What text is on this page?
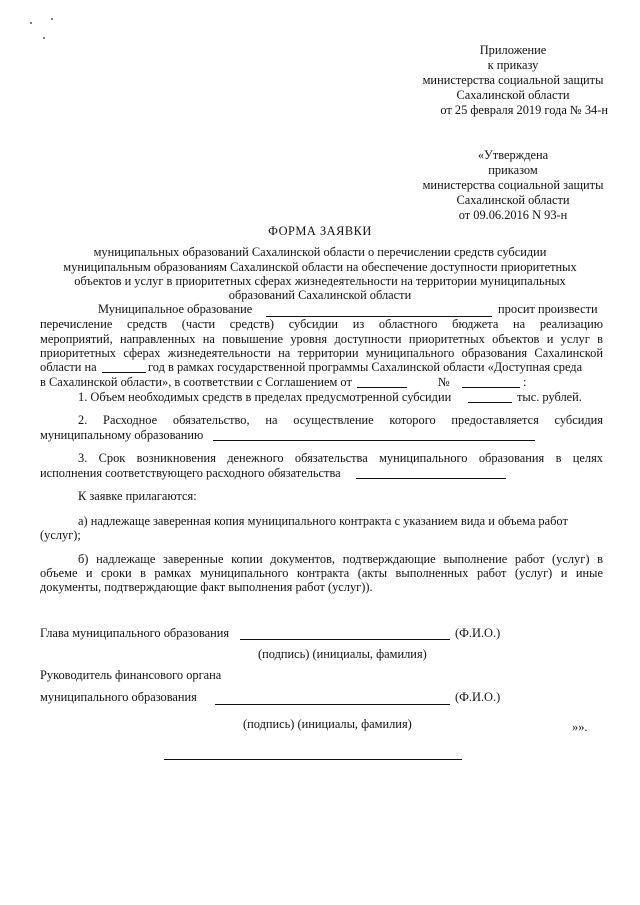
Приложение
к приказу
министерства социальной защиты
Сахалинской области
от 25 февраля 2019 года № 34-н
«Утверждена
приказом
министерства социальной защиты
Сахалинской области
от 09.06.2016 N 93-н
ФОРМА ЗАЯВКИ
муниципальных образований Сахалинской области о перечислении средств субсидии
муниципальным образованиям Сахалинской области на обеспечение доступности приоритетных
объектов и услуг в приоритетных сферах жизнедеятельности на территории муниципальных
образований Сахалинской области
Муниципальное образование	просит произвести
перечисление средств (части средств) субсидии из областного бюджета на реализацию
мероприятий, направленных на повышение уровня доступности приоритетных объектов и услуг в
приоритетных сферах жизнедеятельности на территории муниципального образования Сахалинской
области на	год в рамках государственной программы Сахалинской области «Доступная среда
в Сахалинской области», в соответствии с Соглашением от	№	:
1. Объем необходимых средств в пределах предусмотренной субсидии	тыс. рублей.
2. Расходное обязательство, на осуществление которого предоставляется субсидия
муниципальному образованию
3. Срок возникновения денежного обязательства муниципального образования в целях
исполнения соответствующего расходного обязательства
К заявке прилагаются:
а) надлежаще заверенная копия муниципального контракта с указанием вида и объема работ
(услуг);
б) надлежаще заверенные копии документов, подтверждающие выполнение работ (услуг) в
объеме и сроки в рамках муниципального контракта (акты выполненных работ (услуг) и иные
документы, подтверждающие факт выполнения работ (услуг)).
Глава муниципального образования	(Ф.И.О.)
(подпись) (инициалы, фамилия)
Руководитель финансового органа
муниципального образования	(Ф.И.О.)
(подпись) (инициалы, фамилия)	»».
